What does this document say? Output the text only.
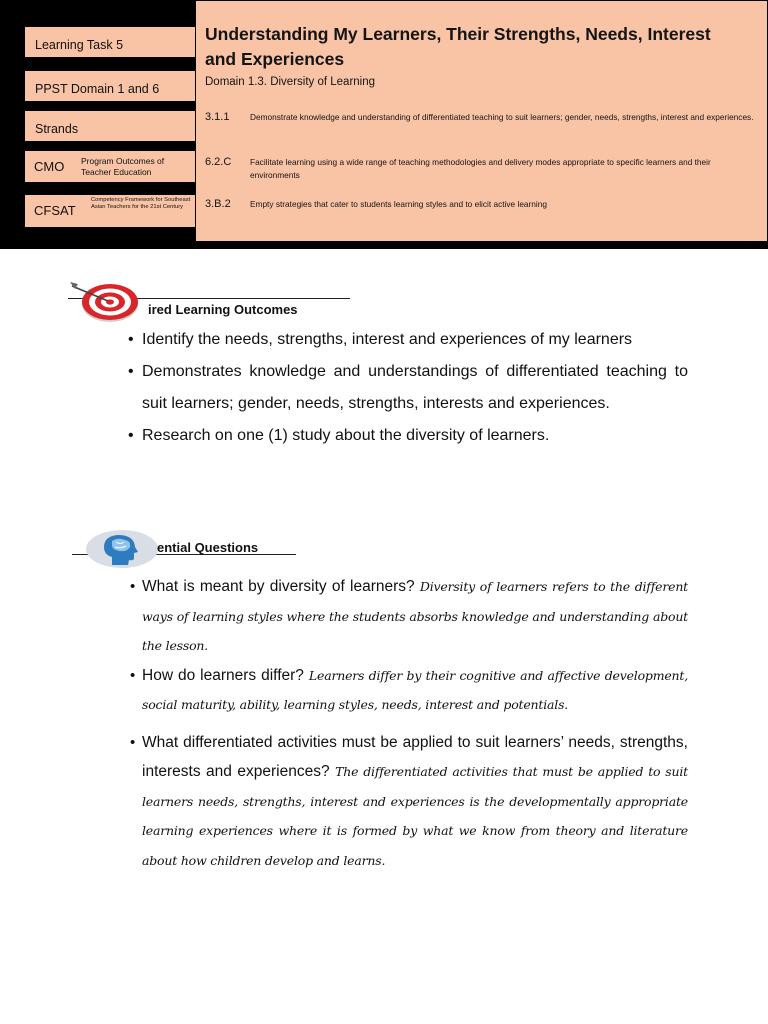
Learning Task 5
PPST Domain 1 and 6
Strands
CMO Program Outcomes of Teacher Education
CFSAT
Competency Framework for Southeast Asian Teachers for the 21st Century
Understanding My Learners, Their Strengths, Needs, Interest and Experiences
Domain 1.3. Diversity of Learning
3.1.1 Demonstrate knowledge and understanding of differentiated teaching to suit learners; gender, needs, strengths, interest and experiences.
6.2.C Facilitate learning using a wide range of teaching methodologies and delivery modes appropriate to specific learners and their environments
3.B.2 Empty strategies that cater to students learning styles and to elicit active learning
ired Learning Outcomes
• Identify the needs, strengths, interest and experiences of my learners
• Demonstrates knowledge and understandings of differentiated teaching to suit learners; gender, needs, strengths, interests and experiences.
• Research on one (1) study about the diversity of learners.
ential Questions
• What is meant by diversity of learners? Diversity of learners refers to the different ways of learning styles where the students absorbs knowledge and understanding about the lesson.
• How do learners differ? Learners differ by their cognitive and affective development, social maturity, ability, learning styles, needs, interest and potentials.
• What differentiated activities must be applied to suit learners’ needs, strengths, interests and experiences? The differentiated activities that must be applied to suit learners needs, strengths, interest and experiences is the developmentally appropriate learning experiences where it is formed by what we know from theory and literature about how children develop and learns.
